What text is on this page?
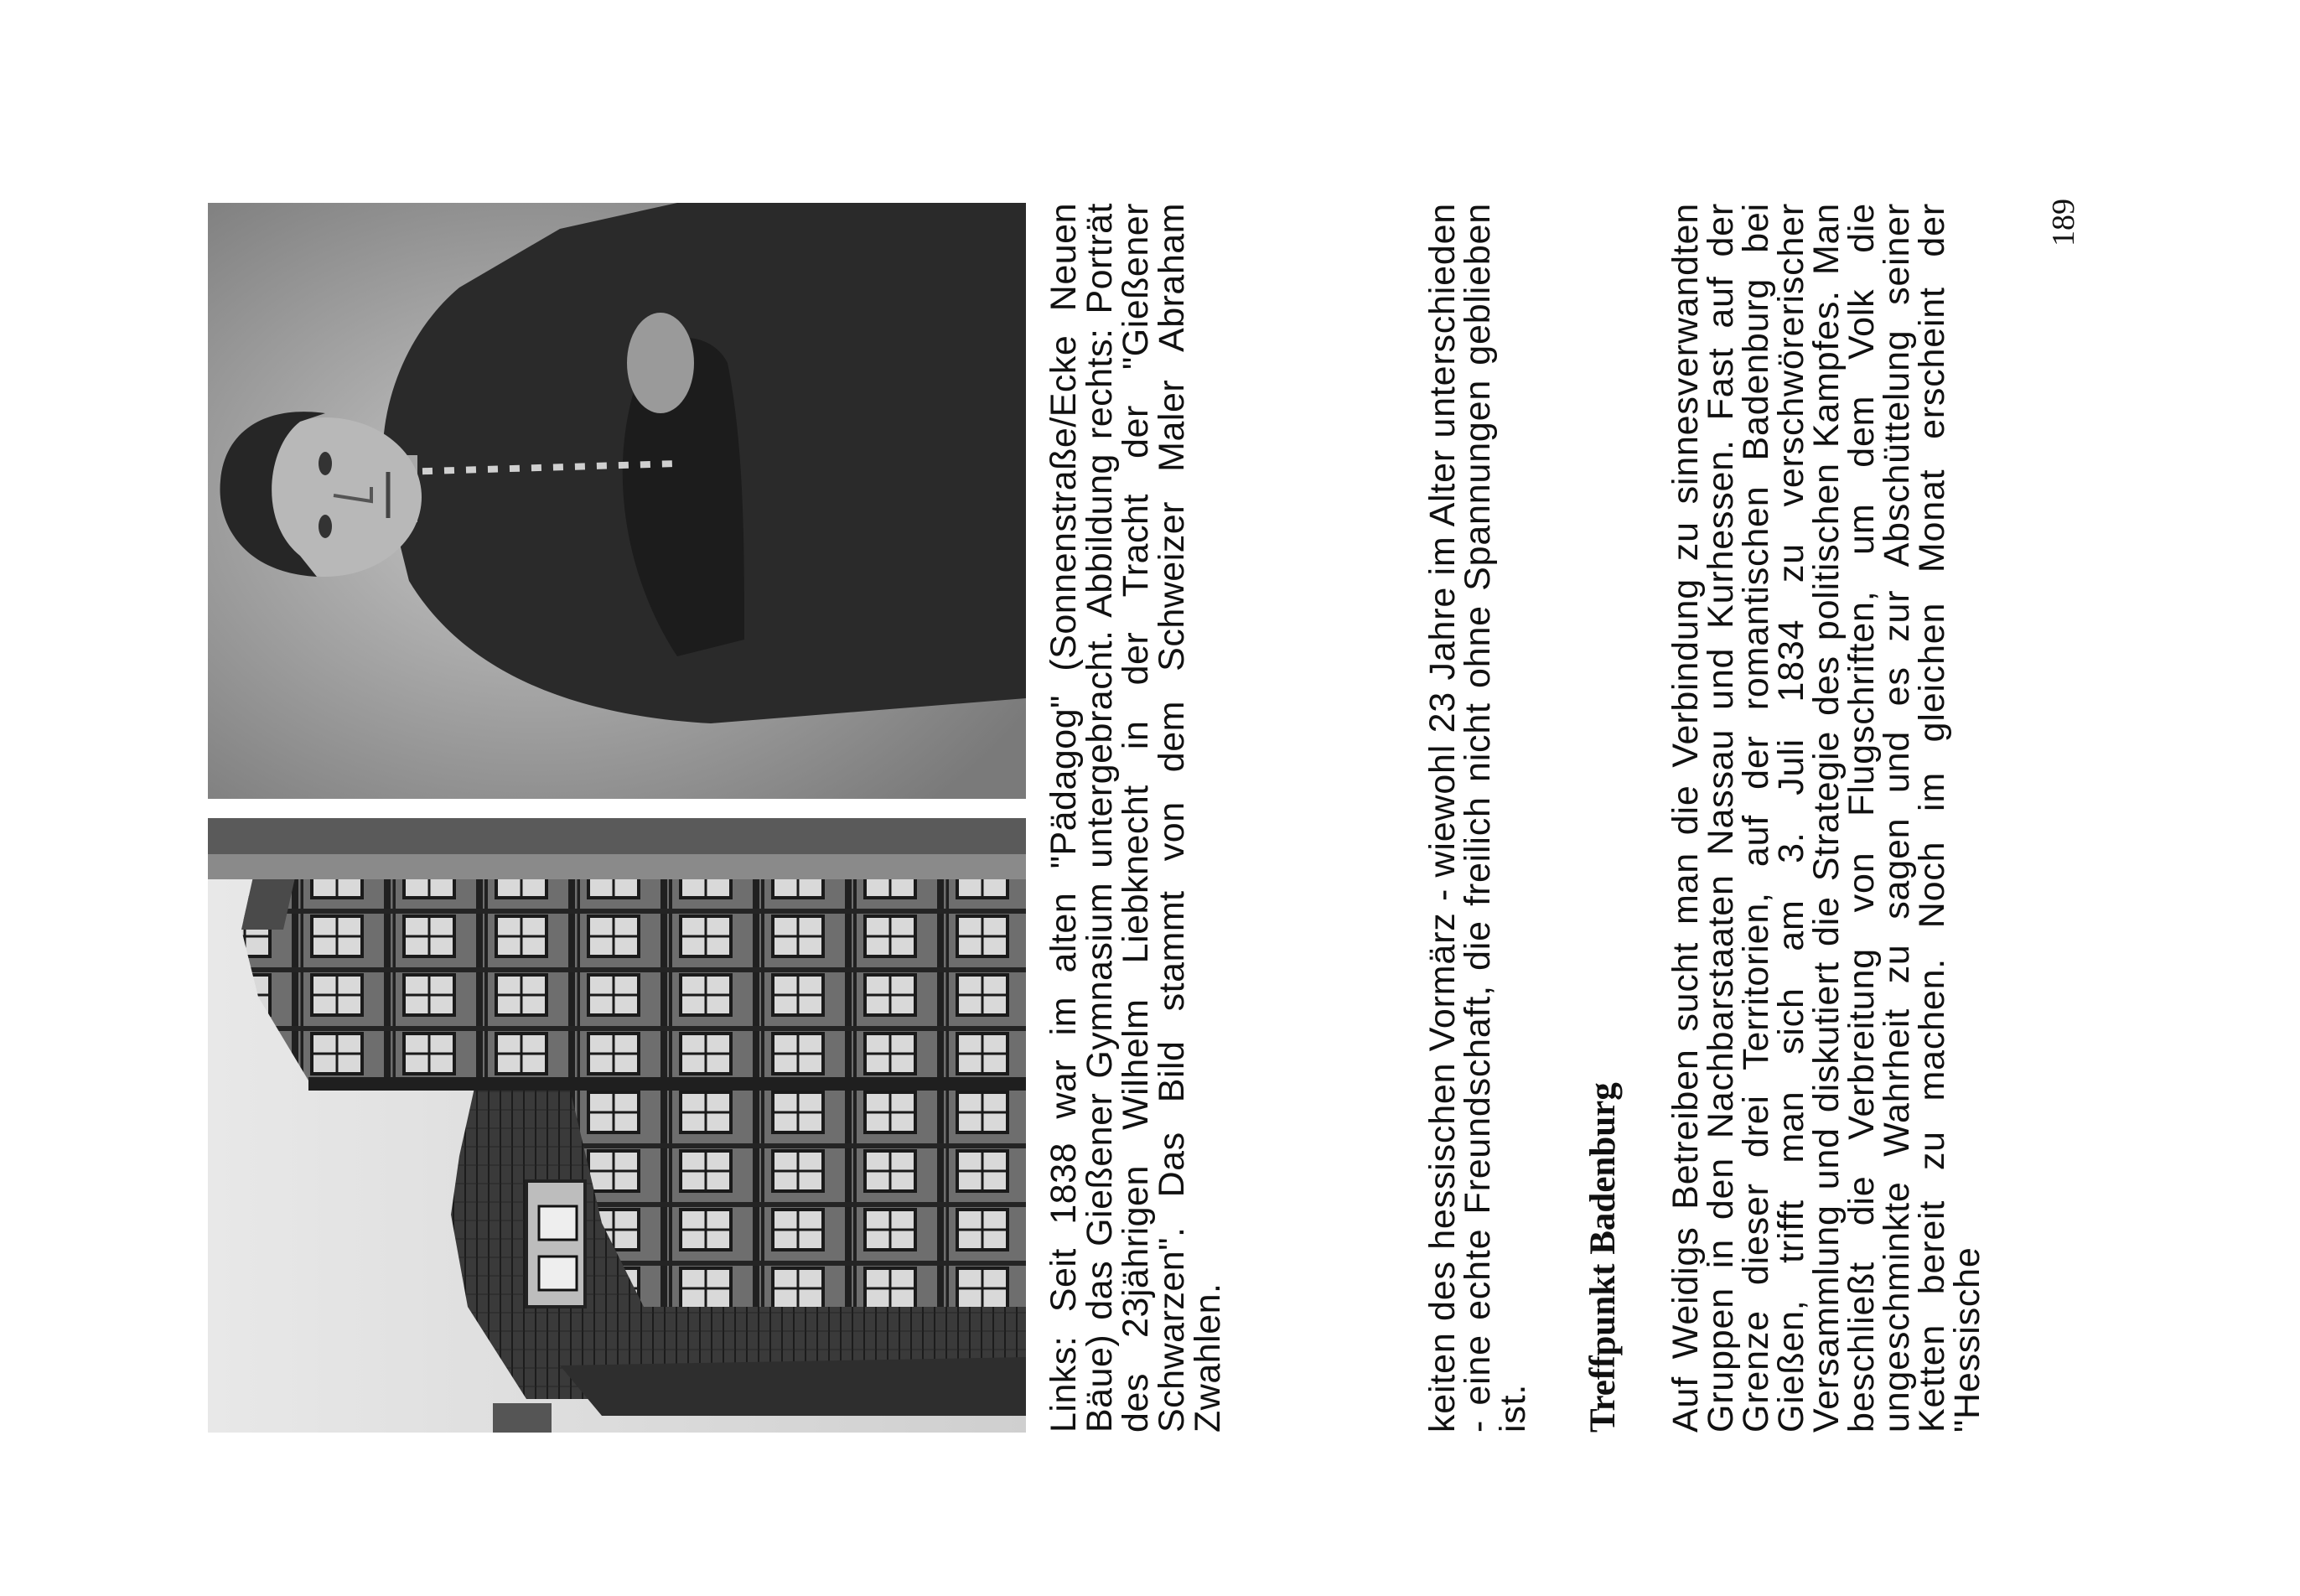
Links: Seit 1838 war im alten "Pädagog" (Sonnenstraße/Ecke Neuen Bäue) das Gießener Gymnasium untergebracht. Abbildung rechts: Porträt des 23jährigen Wilhelm Liebknecht in der Tracht der "Gießener Schwarzen". Das Bild stammt von dem Schweizer Maler Abraham Zwahlen.	keiten des hessischen Vormärz - wiewohl 23 Jahre im Alter unterschieden - eine echte Freundschaft, die freilich nicht ohne Spannungen geblieben ist. Treffpunkt Badenburg Auf Weidigs Betreiben sucht man die Verbindung zu sinnesverwandten Gruppen in den Nachbarstaaten Nassau und Kurhessen. Fast auf der Grenze dieser drei Territorien, auf der romantischen Badenburg bei Gießen, trifft man sich am 3. Juli 1834 zu verschwörerischer Versammlung und diskutiert die Strategie des politischen Kampfes. Man beschließt die Verbreitung von Flugschriften, um dem Volk die ungeschminkte Wahrheit zu sagen und es zur Abschüttelung seiner Ketten bereit zu machen. Noch im gleichen Monat erscheint der "Hessische
189
